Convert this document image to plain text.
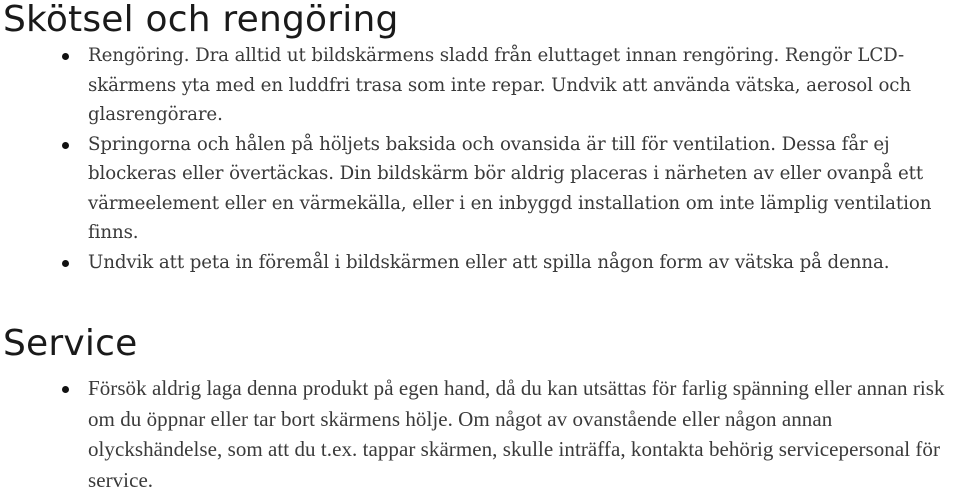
Skötsel och rengöring
Rengöring. Dra alltid ut bildskärmens sladd från eluttaget innan rengöring. Rengör LCD-skärmens yta med en luddfri trasa som inte repar. Undvik att använda vätska, aerosol och glasrengörare.
Springorna och hålen på höljets baksida och ovansida är till för ventilation. Dessa får ej blockeras eller övertäckas. Din bildskärm bör aldrig placeras i närheten av eller ovanpå ett värmeelement eller en värmekälla, eller i en inbyggd installation om inte lämplig ventilation finns.
Undvik att peta in föremål i bildskärmen eller att spilla någon form av vätska på denna.
Service
Försök aldrig laga denna produkt på egen hand, då du kan utsättas för farlig spänning eller annan risk om du öppnar eller tar bort skärmens hölje. Om något av ovanstående eller någon annan olyckshändelse, som att du t.ex. tappar skärmen, skulle inträffa, kontakta behörig servicepersonal för service.
